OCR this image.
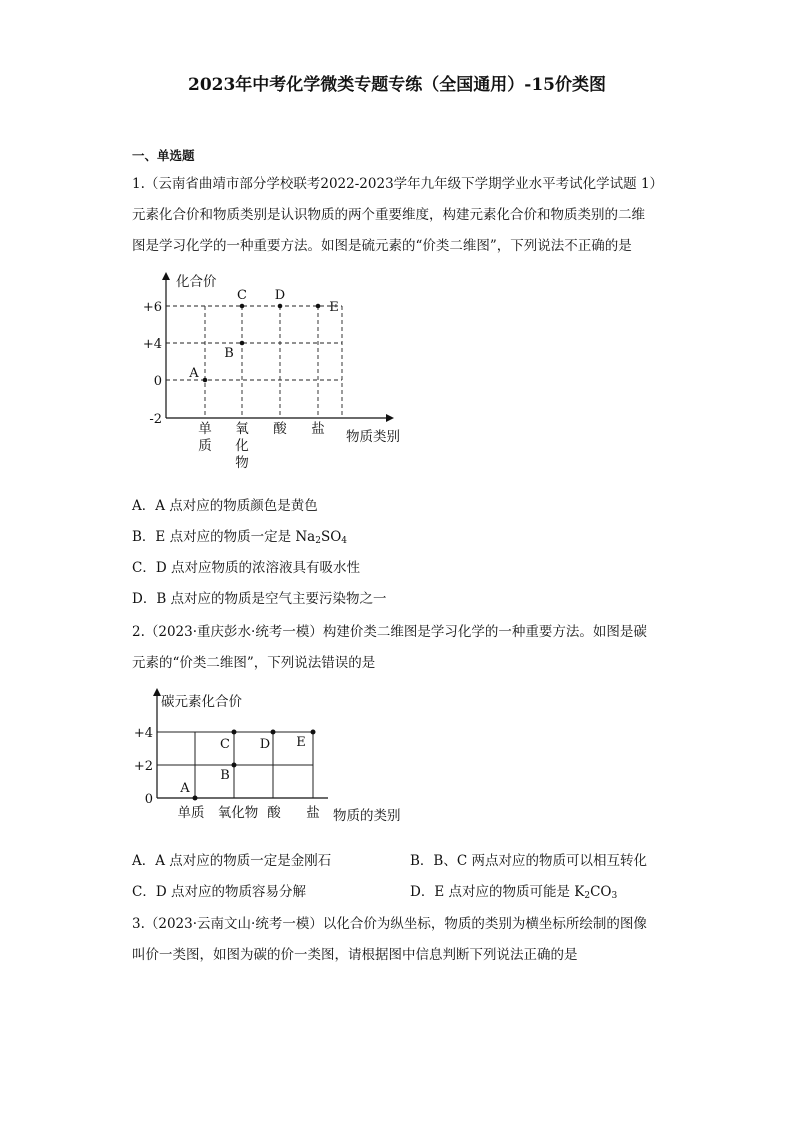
2023年中考化学微类专题专练（全国通用）-15价类图
一、单选题
1.（云南省曲靖市部分学校联考2022-2023学年九年级下学期学业水平考试化学试题 1）
元素化合价和物质类别是认识物质的两个重要维度，构建元素化合价和物质类别的二维
图是学习化学的一种重要方法。如图是硫元素的“价类二维图”，下列说法不正确的是
化合价
物质类别
+6
+4
0
-2
单
质
氧
化
物
酸 盐
A
B
C D
E
碳元素化合价
物质的类别
+4
+2
0
单质 氧化物 酸 盐
A
B
C D E
A．A 点对应的物质颜色是黄色
B．E 点对应的物质一定是 $Na_2SO_4$
C．D 点对应物质的浓溶液具有吸水性
D．B 点对应的物质是空气主要污染物之一
2.（2023·重庆彭水·统考一模）构建价类二维图是学习化学的一种重要方法。如图是碳
元素的“价类二维图”，下列说法错误的是
A．A 点对应的物质一定是金刚石	B．B、C 两点对应的物质可以相互转化
C．D 点对应的物质容易分解	D．E 点对应的物质可能是 $K_2CO_3$
3.（2023·云南文山·统考一模）以化合价为纵坐标，物质的类别为横坐标所绘制的图像
叫价一类图，如图为碳的价一类图，请根据图中信息判断下列说法正确的是
